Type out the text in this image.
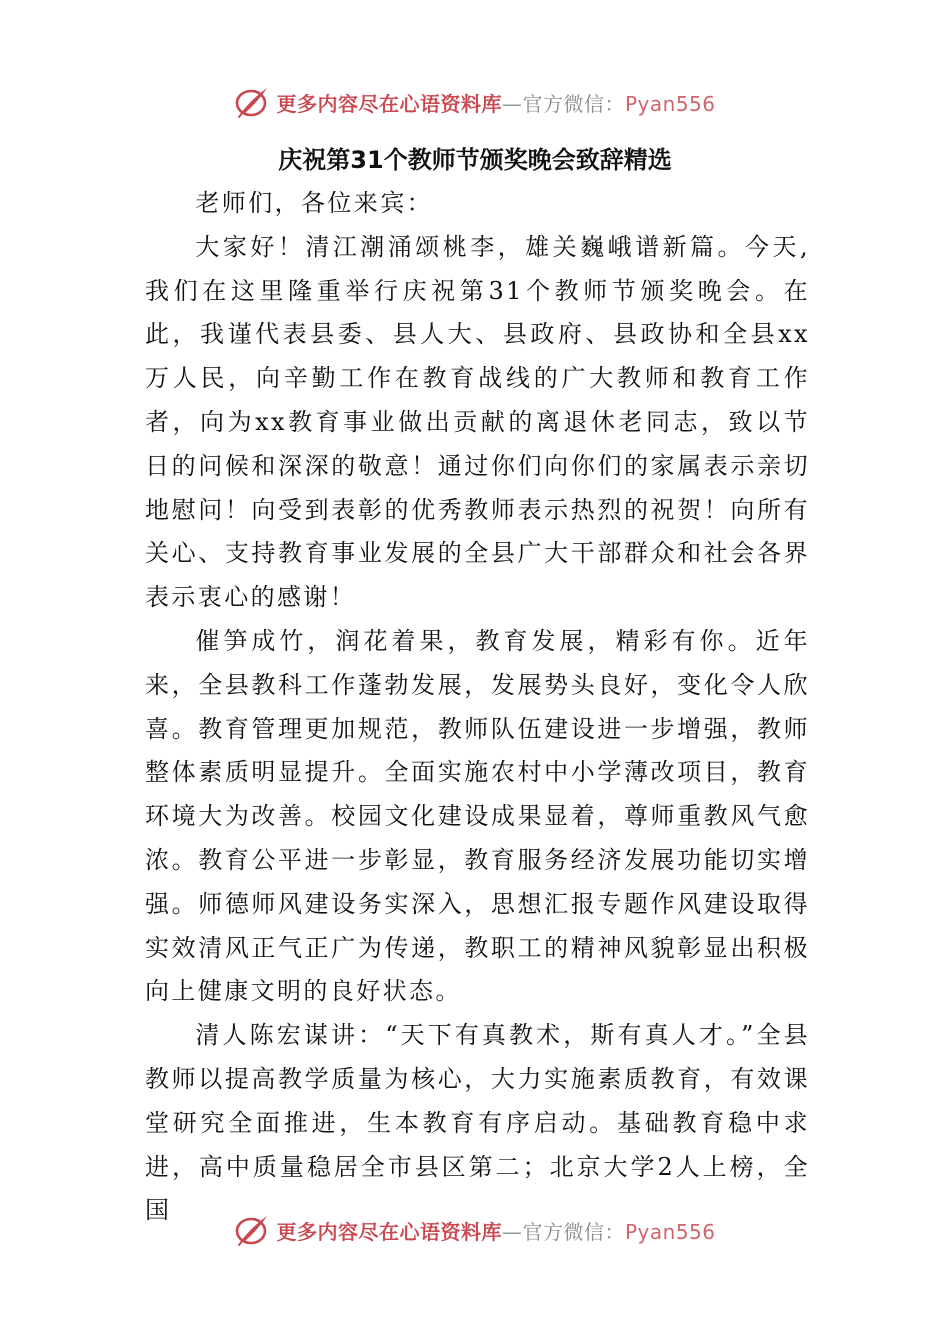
更多内容尽在心语资料库—官方微信：Pyan556
庆祝第31个教师节颁奖晚会致辞精选

老师们，各位来宾：

大家好！清江潮涌颂桃李，雄关巍峨谱新篇。今天,我们在这里隆重举行庆祝第31个教师节颁奖晚会。在此，我谨代表县委、县人大、县政府、县政协和全县xx万人民，向辛勤工作在教育战线的广大教师和教育工作者，向为xx教育事业做出贡献的离退休老同志，致以节日的问候和深深的敬意！通过你们向你们的家属表示亲切地慰问！向受到表彰的优秀教师表示热烈的祝贺！向所有关心、支持教育事业发展的全县广大干部群众和社会各界表示衷心的感谢！

催笋成竹，润花着果，教育发展，精彩有你。近年来，全县教科工作蓬勃发展，发展势头良好，变化令人欣喜。教育管理更加规范，教师队伍建设进一步增强，教师整体素质明显提升。全面实施农村中小学薄改项目，教育环境大为改善。校园文化建设成果显着，尊师重教风气愈浓。教育公平进一步彰显，教育服务经济发展功能切实增强。师德师风建设务实深入，思想汇报专题作风建设取得实效清风正气正广为传递，教职工的精神风貌彰显出积极向上健康文明的良好状态。

清人陈宏谋讲：“天下有真教术，斯有真人才。”全县教师以提高教学质量为核心，大力实施素质教育，有效课堂研究全面推进，生本教育有序启动。基础教育稳中求进，高中质量稳居全市县区第二；北京大学2人上榜，全国

更多内容尽在心语资料库—官方微信：Pyan556
